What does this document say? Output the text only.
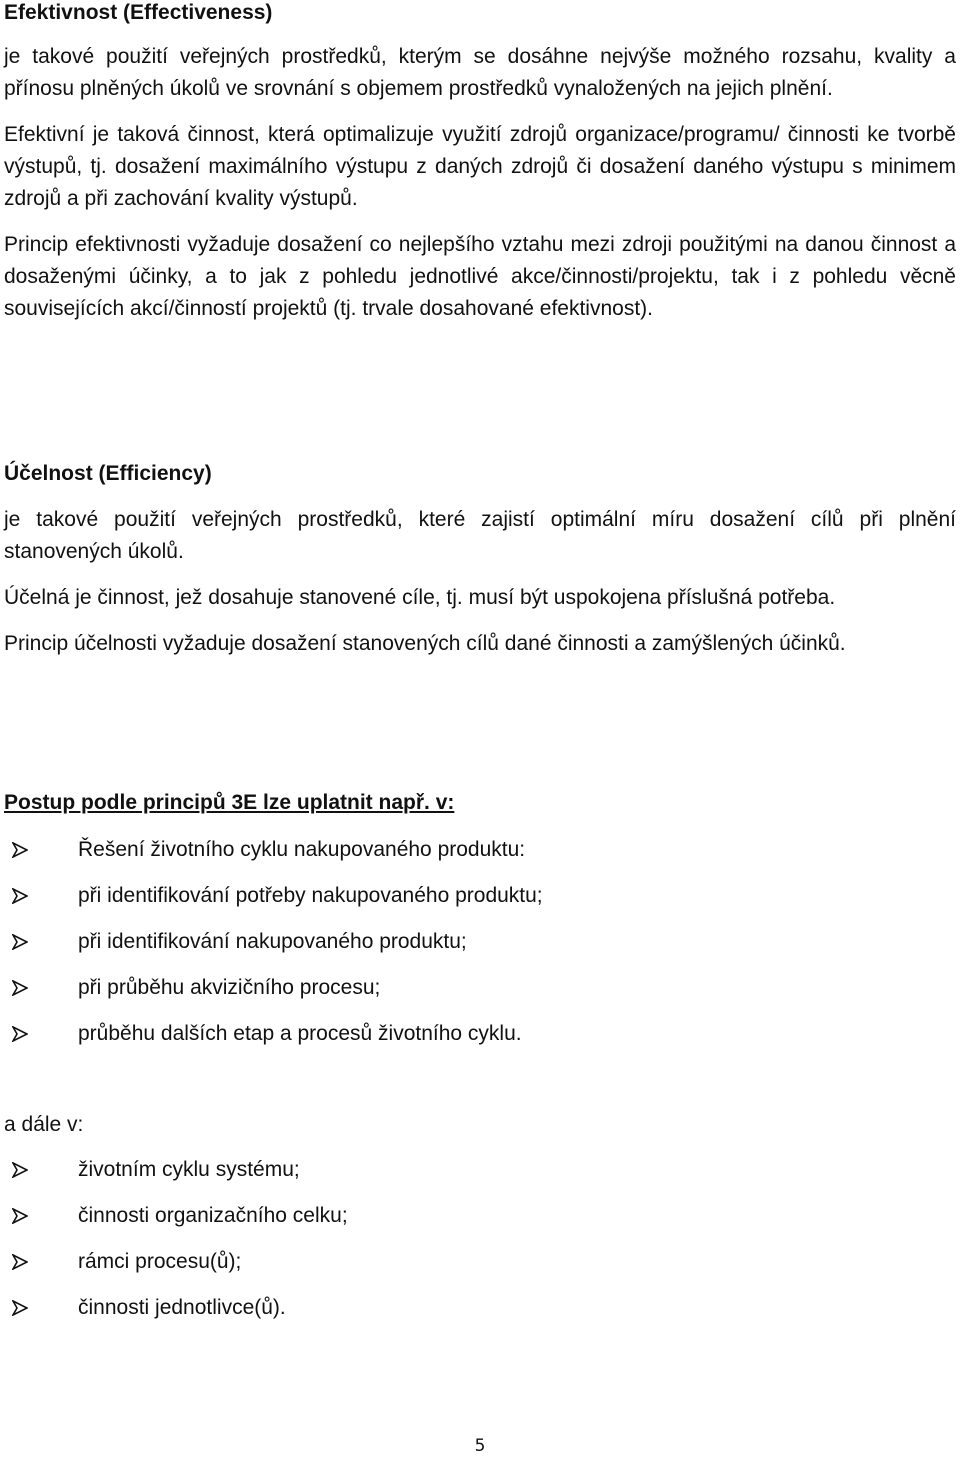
Efektivnost (Effectiveness)

je takové použití veřejných prostředků, kterým se dosáhne nejvýše možného rozsahu, kvality a přínosu plněných úkolů ve srovnání s objemem prostředků vynaložených na jejich plnění.

Efektivní je taková činnost, která optimalizuje využití zdrojů organizace/programu/ činnosti ke tvorbě výstupů, tj. dosažení maximálního výstupu z daných zdrojů či dosažení daného výstupu s minimem zdrojů a při zachování kvality výstupů.

Princip efektivnosti vyžaduje dosažení co nejlepšího vztahu mezi zdroji použitými na danou činnost a dosaženými účinky, a to jak z pohledu jednotlivé akce/činnosti/projektu, tak i z pohledu věcně souvisejících akcí/činností projektů (tj. trvale dosahované efektivnost).

Účelnost (Efficiency)

je takové použití veřejných prostředků, které zajistí optimální míru dosažení cílů při plnění stanovených úkolů.

Účelná je činnost, jež dosahuje stanovené cíle, tj. musí být uspokojena příslušná potřeba.

Princip účelnosti vyžaduje dosažení stanovených cílů dané činnosti a zamýšlených účinků.

Postup podle principů 3E lze uplatnit např. v:
Řešení životního cyklu nakupovaného produktu:
při identifikování potřeby nakupovaného produktu;
při identifikování nakupovaného produktu;
při průběhu akvizičního procesu;
průběhu dalších etap a procesů životního cyklu.

a dále v:

životním cyklu systému;
činnosti organizačního celku;
rámci procesu(ů);
činnosti jednotlivce(ů).
5
